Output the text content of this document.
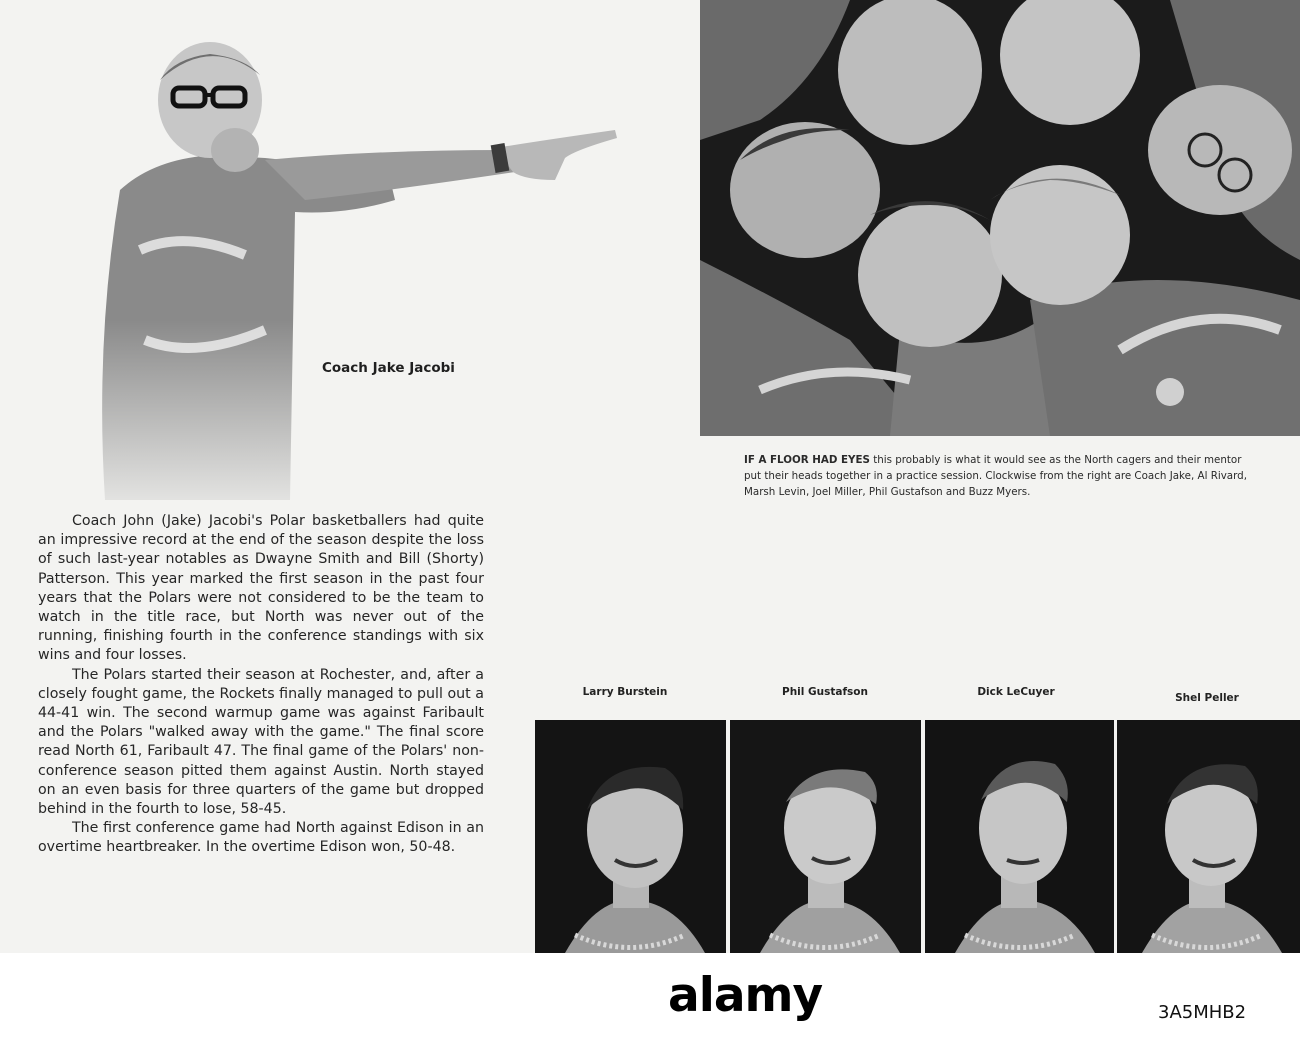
Coach Jake Jacobi
IF A FLOOR HAD EYES this probably is what it would see as the North cagers and their mentor put their heads together in a practice session. Clockwise from the right are Coach Jake, Al Rivard, Marsh Levin, Joel Miller, Phil Gustafson and Buzz Myers.

Coach John (Jake) Jacobi's Polar basketballers had quite an impressive record at the end of the season despite the loss of such last-year notables as Dwayne Smith and Bill (Shorty) Patterson. This year marked the first season in the past four years that the Polars were not considered to be the team to watch in the title race, but North was never out of the running, finishing fourth in the conference standings with six wins and four losses.

The Polars started their season at Rochester, and, after a closely fought game, the Rockets finally managed to pull out a 44-41 win. The second warmup game was against Faribault and the Polars "walked away with the game." The final score read North 61, Faribault 47. The final game of the Polars' non-conference season pitted them against Austin. North stayed on an even basis for three quarters of the game but dropped behind in the fourth to lose, 58-45.

The first conference game had North against Edison in an overtime heartbreaker. In the overtime Edison won, 50-48.

Larry Burstein	Phil Gustafson	Dick LeCuyer	Shel Peller
alamy	3A5MHB2
